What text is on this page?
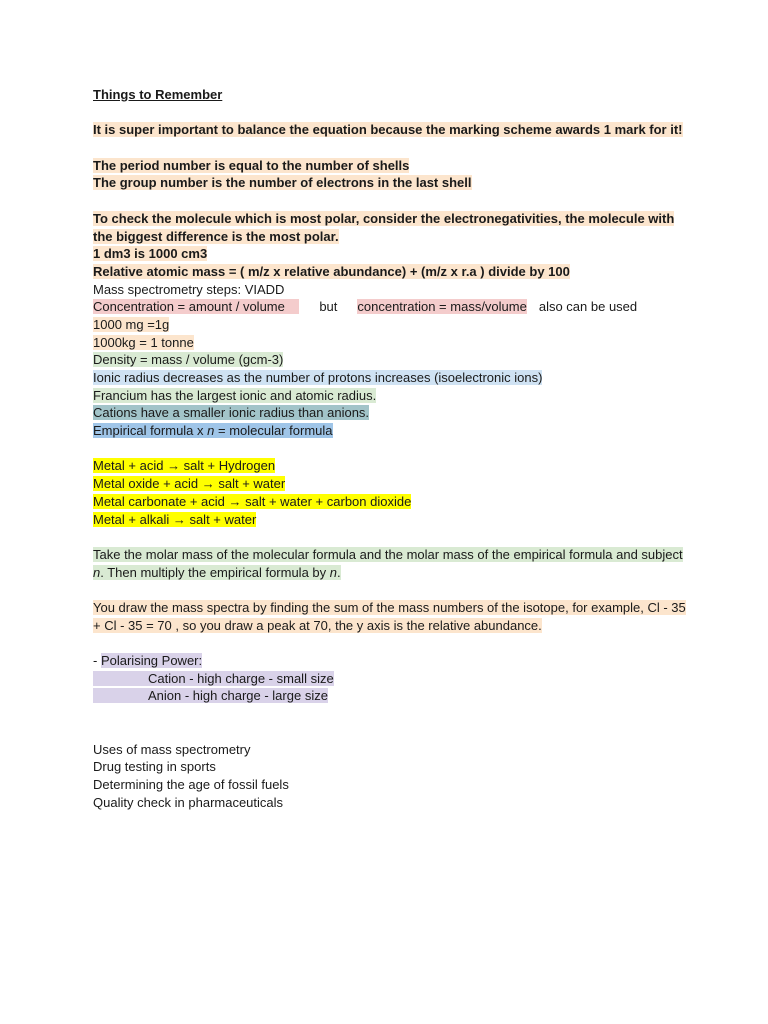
Things to Remember
It is super important to balance the equation because the marking scheme awards 1 mark for it!
The period number is equal to the number of shells
The group number is the number of electrons in the last shell
To check the molecule which is most polar, consider the electronegativities, the molecule with the biggest difference is the most polar.
1 dm3 is 1000 cm3
Relative atomic mass = ( m/z x relative abundance) + (m/z x r.a ) divide by 100
Mass spectrometry steps: VIADD
Concentration = amount / volume	but concentration = mass/volume also can be used
1000 mg =1g
1000kg = 1 tonne
Density = mass / volume (gcm-3)
Ionic radius decreases as the number of protons increases (isoelectronic ions)
Francium has the largest ionic and atomic radius.
Cations have a smaller ionic radius than anions.
Empirical formula x n = molecular formula
Metal + acid → salt + Hydrogen
Metal oxide + acid → salt + water
Metal carbonate + acid → salt + water + carbon dioxide
Metal + alkali → salt + water
Take the molar mass of the molecular formula and the molar mass of the empirical formula and subject n. Then multiply the empirical formula by n.
You draw the mass spectra by finding the sum of the mass numbers of the isotope, for example, Cl - 35 + Cl - 35 = 70 , so you draw a peak at 70, the y axis is the relative abundance.
- Polarising Power:
Cation - high charge - small size
Anion - high charge - large size
Uses of mass spectrometry
Drug testing in sports
Determining the age of fossil fuels
Quality check in pharmaceuticals
